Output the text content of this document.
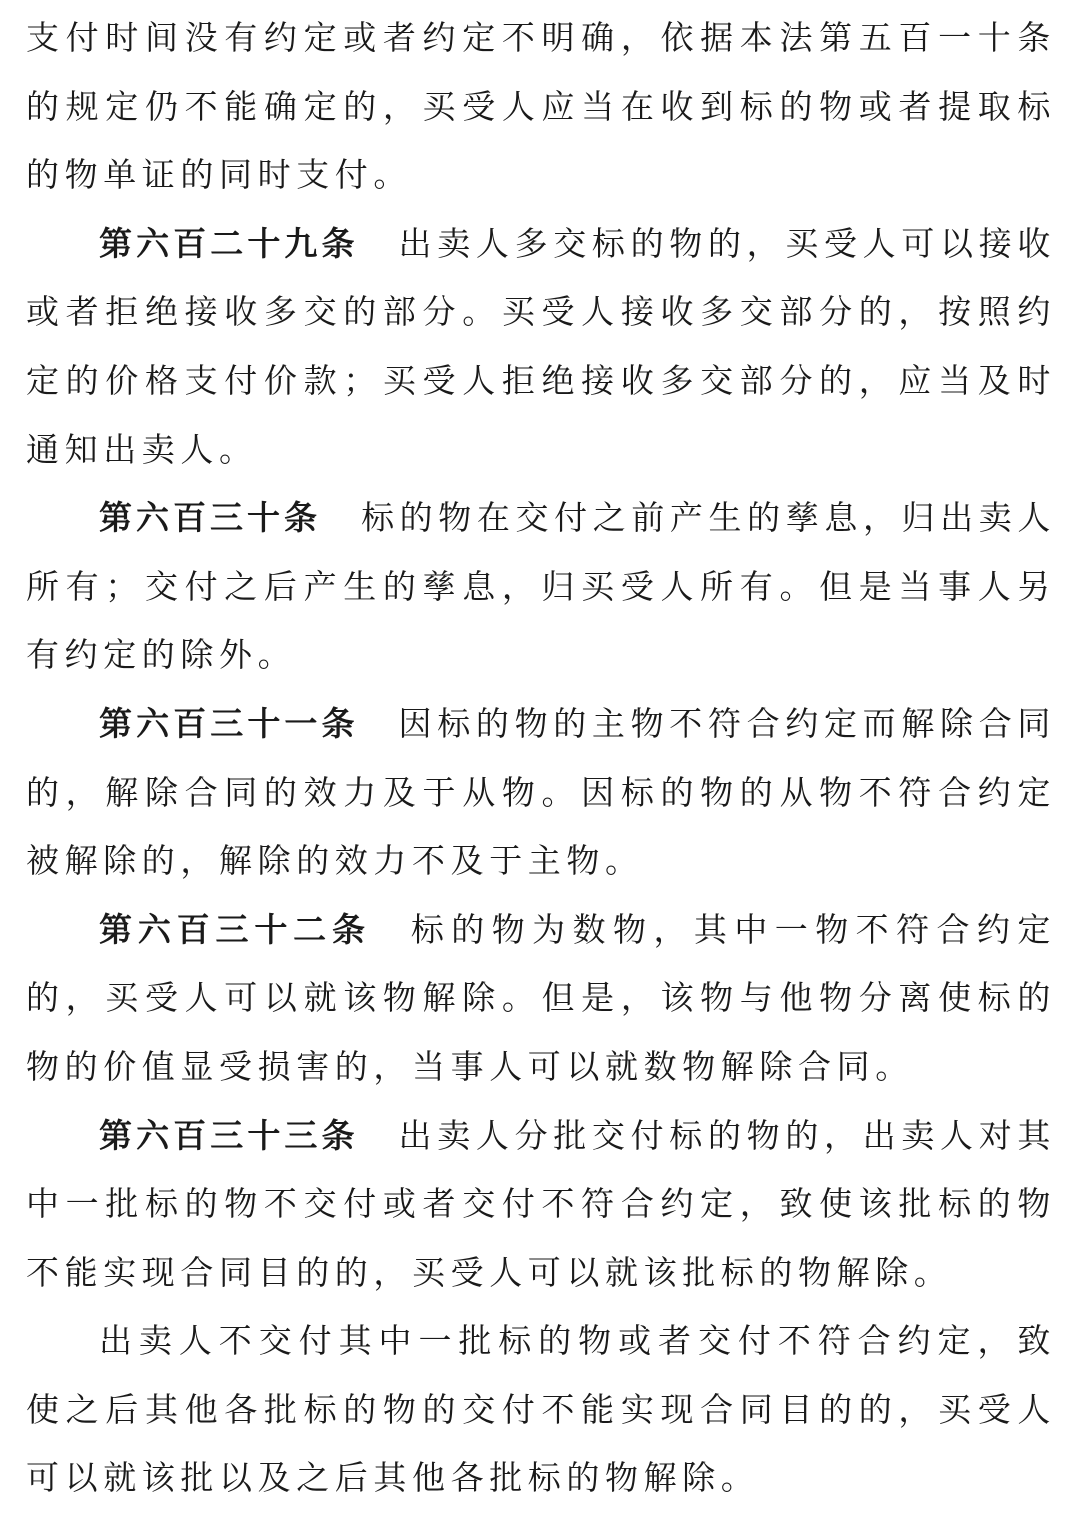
支付时间没有约定或者约定不明确，依据本法第五百一十条的规定仍不能确定的，买受人应当在收到标的物或者提取标的物单证的同时支付。

第六百二十九条 出卖人多交标的物的，买受人可以接收或者拒绝接收多交的部分。买受人接收多交部分的，按照约定的价格支付价款；买受人拒绝接收多交部分的，应当及时通知出卖人。

第六百三十条 标的物在交付之前产生的孳息，归出卖人所有；交付之后产生的孳息，归买受人所有。但是当事人另有约定的除外。

第六百三十一条 因标的物的主物不符合约定而解除合同的，解除合同的效力及于从物。因标的物的从物不符合约定被解除的，解除的效力不及于主物。

第六百三十二条 标的物为数物，其中一物不符合约定的，买受人可以就该物解除。但是，该物与他物分离使标的物的价值显受损害的，当事人可以就数物解除合同。

第六百三十三条 出卖人分批交付标的物的，出卖人对其中一批标的物不交付或者交付不符合约定，致使该批标的物不能实现合同目的的，买受人可以就该批标的物解除。

出卖人不交付其中一批标的物或者交付不符合约定，致使之后其他各批标的物的交付不能实现合同目的的，买受人可以就该批以及之后其他各批标的物解除。
